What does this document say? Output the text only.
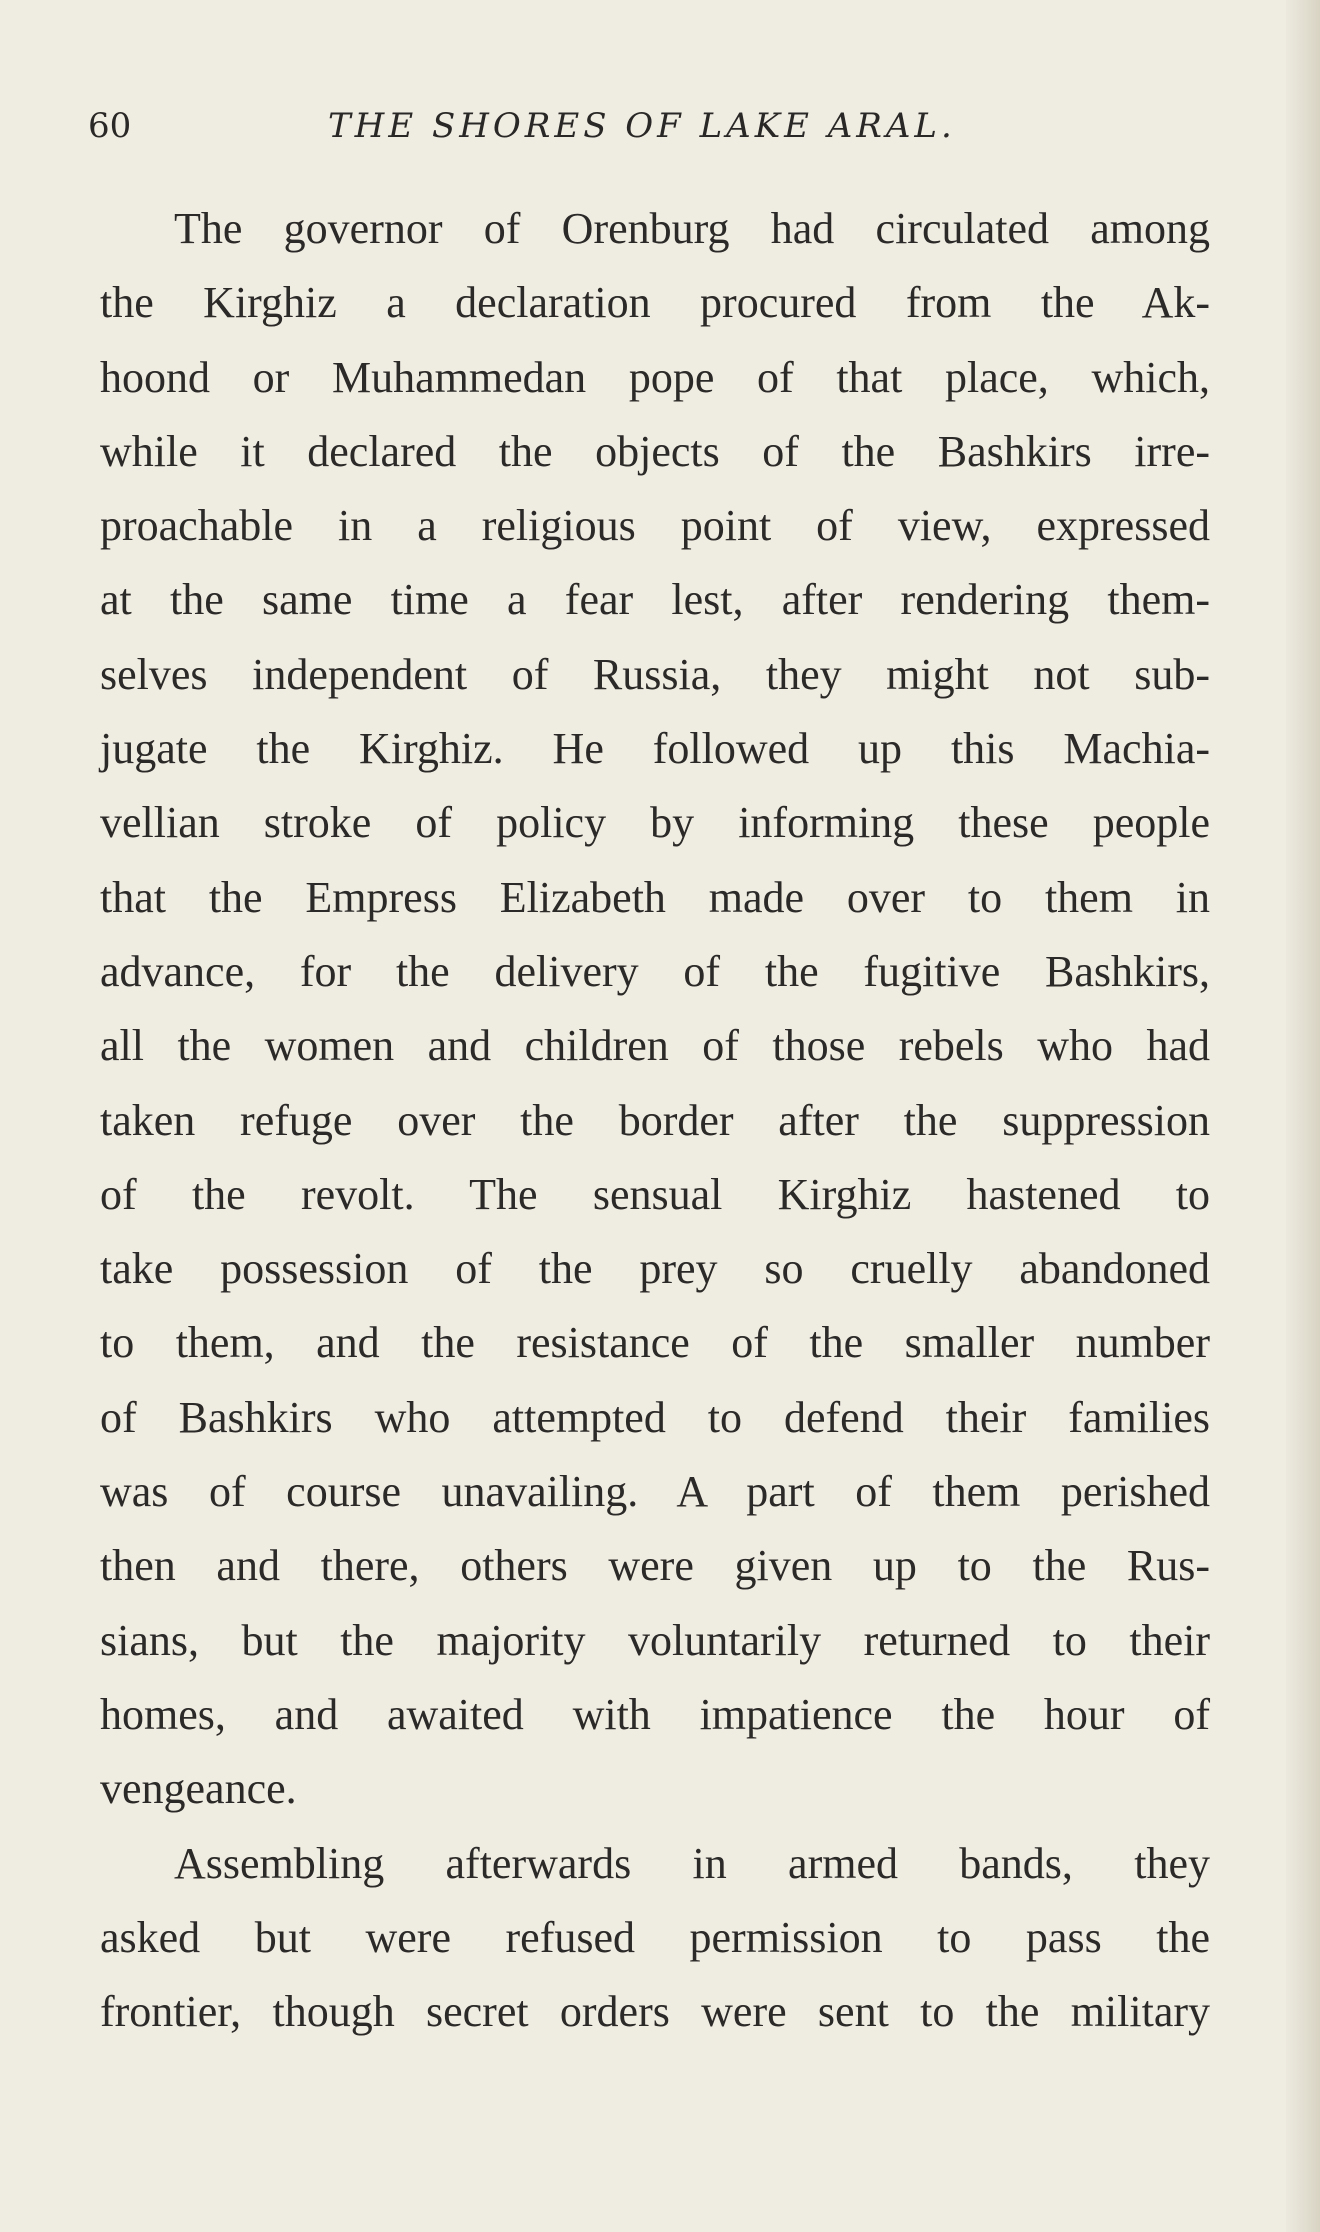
60	THE SHORES OF LAKE ARAL.
The governor of Orenburg had circulated among
the Kirghiz a declaration procured from the Ak-
hoond or Muhammedan pope of that place, which,
while it declared the objects of the Bashkirs irre-
proachable in a religious point of view, expressed
at the same time a fear lest, after rendering them-
selves independent of Russia, they might not sub-
jugate the Kirghiz. He followed up this Machia-
vellian stroke of policy by informing these people
that the Empress Elizabeth made over to them in
advance, for the delivery of the fugitive Bashkirs,
all the women and children of those rebels who had
taken refuge over the border after the suppression
of the revolt. The sensual Kirghiz hastened to
take possession of the prey so cruelly abandoned
to them, and the resistance of the smaller number
of Bashkirs who attempted to defend their families
was of course unavailing. A part of them perished
then and there, others were given up to the Rus-
sians, but the majority voluntarily returned to their
homes, and awaited with impatience the hour of
vengeance.
Assembling afterwards in armed bands, they
asked but were refused permission to pass the
frontier, though secret orders were sent to the military
